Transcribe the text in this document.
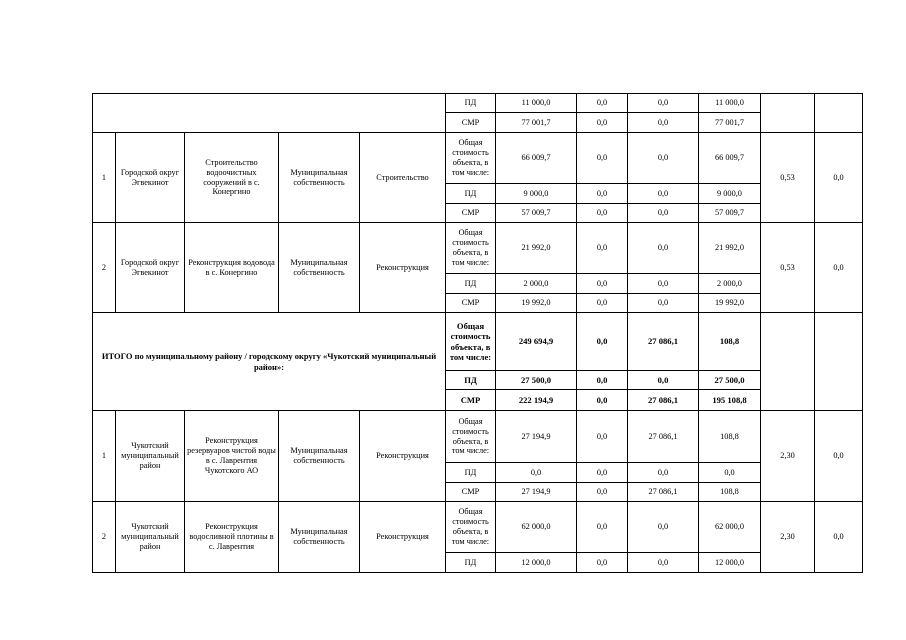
					ПД	11 000,0	0,0	0,0	11 000,0		
					СМР	77 001,7	0,0	0,0	77 001,7		
1	Городской округ Эгвекинот	Строительство водоочистных сооружений в с. Конергино	Муниципальная собственность	Строительство	Общая стоимость объекта, в том числе:	66 009,7	0,0	0,0	66 009,7	0,53	0,0
					ПД	9 000,0	0,0	0,0	9 000,0		
					СМР	57 009,7	0,0	0,0	57 009,7		
2	Городской округ Эгвекинот	Реконструкция водовода в с. Конергино	Муниципальная собственность	Реконструкция	Общая стоимость объекта, в том числе:	21 992,0	0,0	0,0	21 992,0	0,53	0,0
					ПД	2 000,0	0,0	0,0	2 000,0		
					СМР	19 992,0	0,0	0,0	19 992,0		
ИТОГО по муниципальному району / городскому округу «Чукотский муниципальный район»:					Общая стоимость объекта, в том числе:	249 694,9	0,0	27 086,1	108,8		
					ПД	27 500,0	0,0	0,0	27 500,0		
					СМР	222 194,9	0,0	27 086,1	195 108,8		
1	Чукотский муниципальный район	Реконструкция резервуаров чистой воды в с. Лаврентия Чукотского АО	Муниципальная собственность	Реконструкция	Общая стоимость объекта, в том числе:	27 194,9	0,0	27 086,1	108,8	2,30	0,0
					ПД	0,0	0,0	0,0	0,0		
					СМР	27 194,9	0,0	27 086,1	108,8		
2	Чукотский муниципальный район	Реконструкция водосливной плотины в с. Лаврентия	Муниципальная собственность	Реконструкция	Общая стоимость объекта, в том числе:	62 000,0	0,0	0,0	62 000,0	2,30	0,0
					ПД	12 000,0	0,0	0,0	12 000,0		
